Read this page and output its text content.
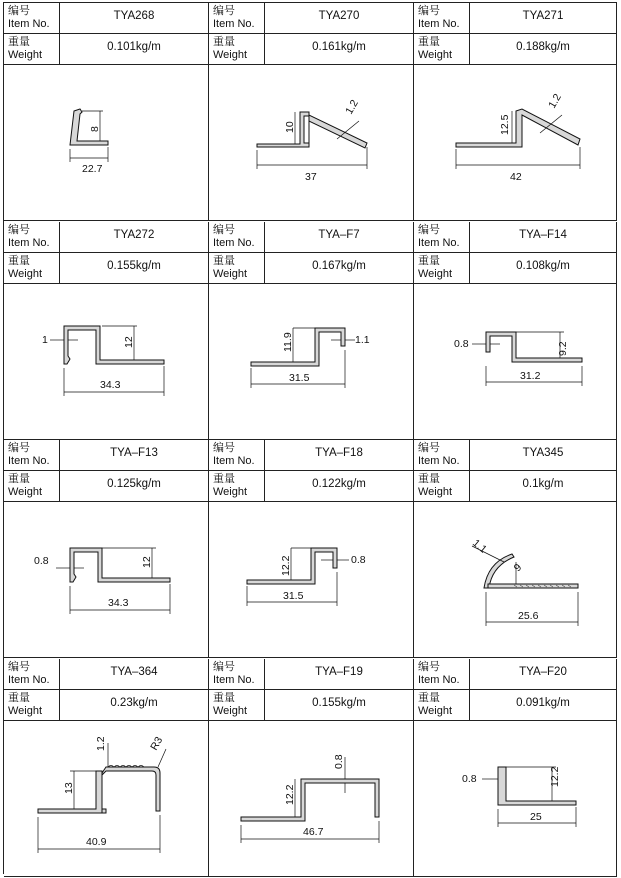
编号
Item No.
TYA268
重量
Weight
0.101kg/m
22.7
8
编号
Item No.
TYA270
重量
Weight
0.161kg/m
37
10
1.2
编号
Item No.
TYA271
重量
Weight
0.188kg/m
42
12.5
1.2
编号
Item No.
TYA272
重量
Weight
0.155kg/m
34.3
12
1
编号
Item No.
TYA–F7
重量
Weight
0.167kg/m
31.5
11.9	1.1
编号
Item No.
TYA–F14
重量
Weight
0.108kg/m
31.2
9.2
0.8
编号
Item No.
TYA–F13
重量
Weight
0.125kg/m
34.3
12
0.8
编号
Item No.
TYA–F18
重量
Weight
0.122kg/m
31.5
12.2	0.8
编号
Item No.
TYA345
重量
Weight
0.1kg/m
25.6
9
1.1
编号
Item No.
TYA–364
重量
Weight
0.23kg/m
40.9
13
1.2	R3
编号
Item No.
TYA–F19
重量
Weight
0.155kg/m
46.7
12.2
0.8
编号
Item No.
TYA–F20
重量
Weight
0.091kg/m
25
12.2
0.8
